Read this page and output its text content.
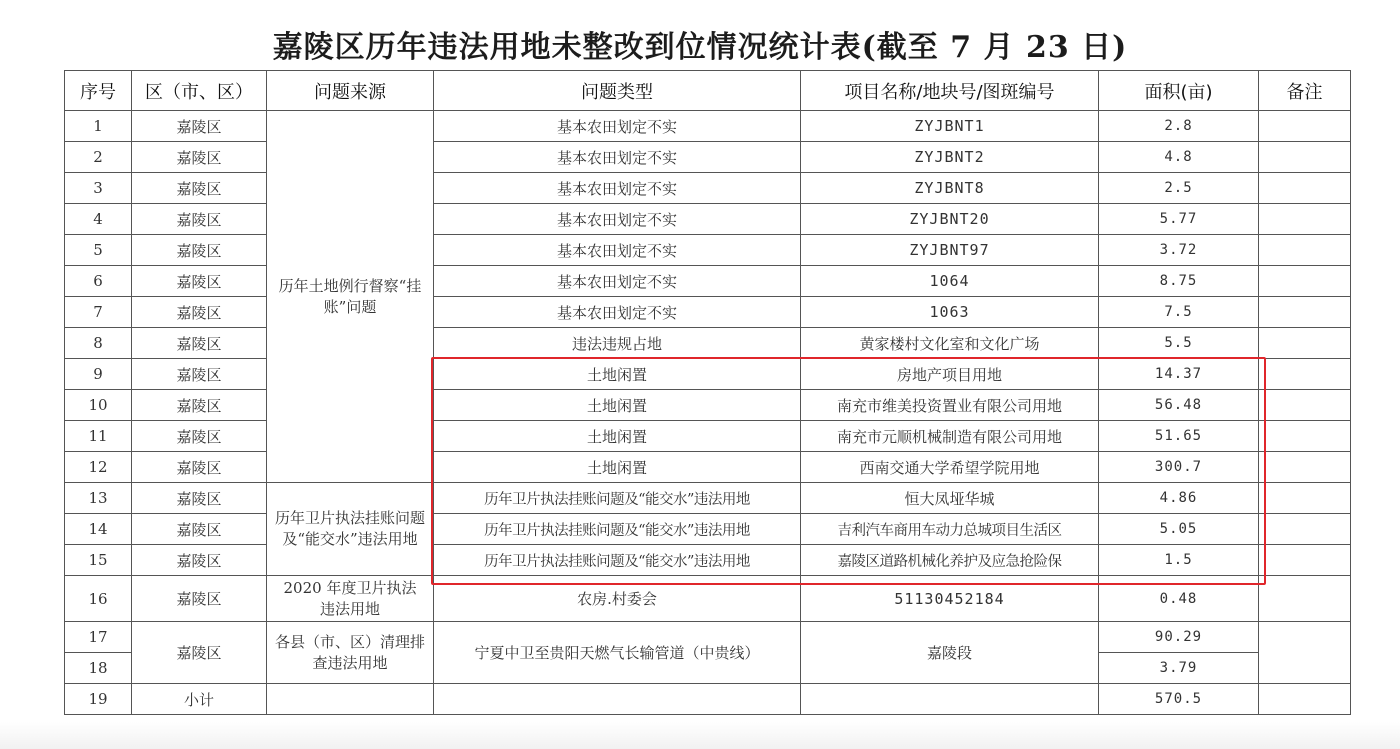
嘉陵区历年违法用地未整改到位情况统计表(截至 7 月 23 日)
序号	区（市、区）	问题来源	问题类型	项目名称/地块号/图斑编号	面积(亩)	备注
1	嘉陵区	历年土地例行督察“挂账”问题	基本农田划定不实	ZYJBNT1	2.8	
2	嘉陵区		基本农田划定不实	ZYJBNT2	4.8	
3	嘉陵区		基本农田划定不实	ZYJBNT8	2.5	
4	嘉陵区		基本农田划定不实	ZYJBNT20	5.77	
5	嘉陵区		基本农田划定不实	ZYJBNT97	3.72	
6	嘉陵区		基本农田划定不实	1064	8.75	
7	嘉陵区		基本农田划定不实	1063	7.5	
8	嘉陵区		违法违规占地	黄家楼村文化室和文化广场	5.5	
9	嘉陵区		土地闲置	房地产项目用地	14.37	
10	嘉陵区		土地闲置	南充市维美投资置业有限公司用地	56.48	
11	嘉陵区		土地闲置	南充市元顺机械制造有限公司用地	51.65	
12	嘉陵区		土地闲置	西南交通大学希望学院用地	300.7	
13	嘉陵区	历年卫片执法挂账问题及“能交水”违法用地	历年卫片执法挂账问题及“能交水”违法用地	恒大凤垭华城	4.86	
14	嘉陵区		历年卫片执法挂账问题及“能交水”违法用地	吉利汽车商用车动力总城项目生活区	5.05	
15	嘉陵区		历年卫片执法挂账问题及“能交水”违法用地	嘉陵区道路机械化养护及应急抢险保	1.5	
16	嘉陵区	2020 年度卫片执法违法用地	农房.村委会	51130452184	0.48	
17	嘉陵区	各县（市、区）清理排查违法用地	宁夏中卫至贵阳天燃气长输管道（中贵线）	嘉陵段	90.29	
18					3.79	
19	小计				570.5	
